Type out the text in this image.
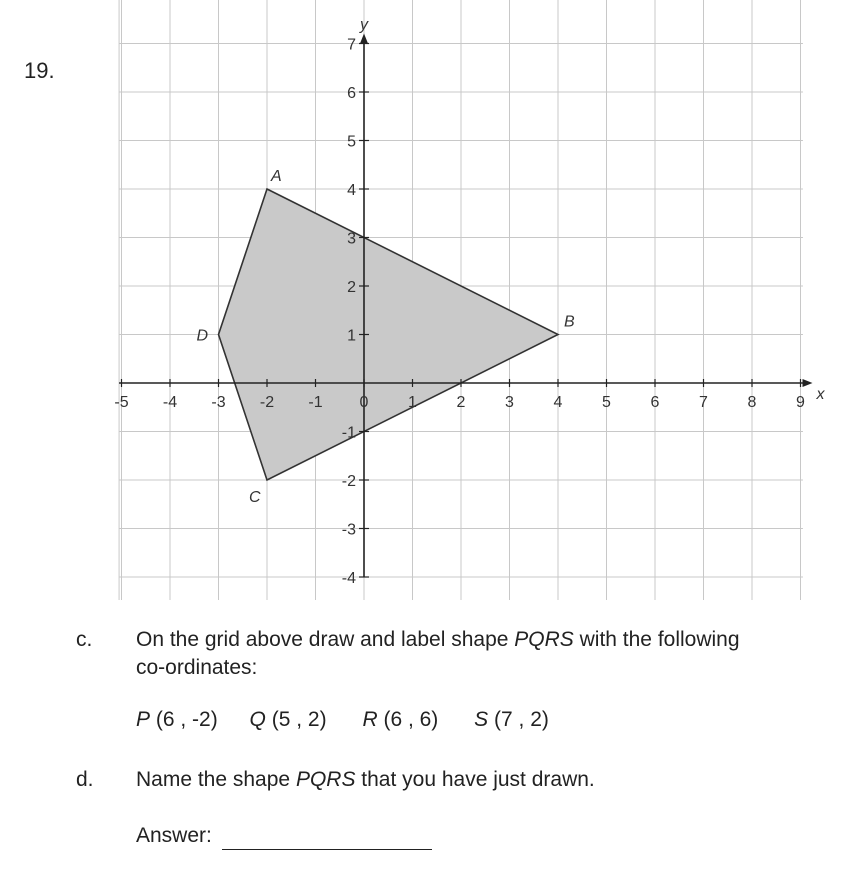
19.
-5 -4 -3 -2 -1 0 1 2 3 4 5 6 7 8 9
-4
-3
-2
-1
1
2
3
4
5
6
7
x
y
A
B
C
D
c. On the grid above draw and label shape PQRS with the following
co-ordinates:
P (6 , -2) Q (5 , 2) R (6 , 6) S (7 , 2)
d. Name the shape PQRS that you have just drawn.
Answer:
